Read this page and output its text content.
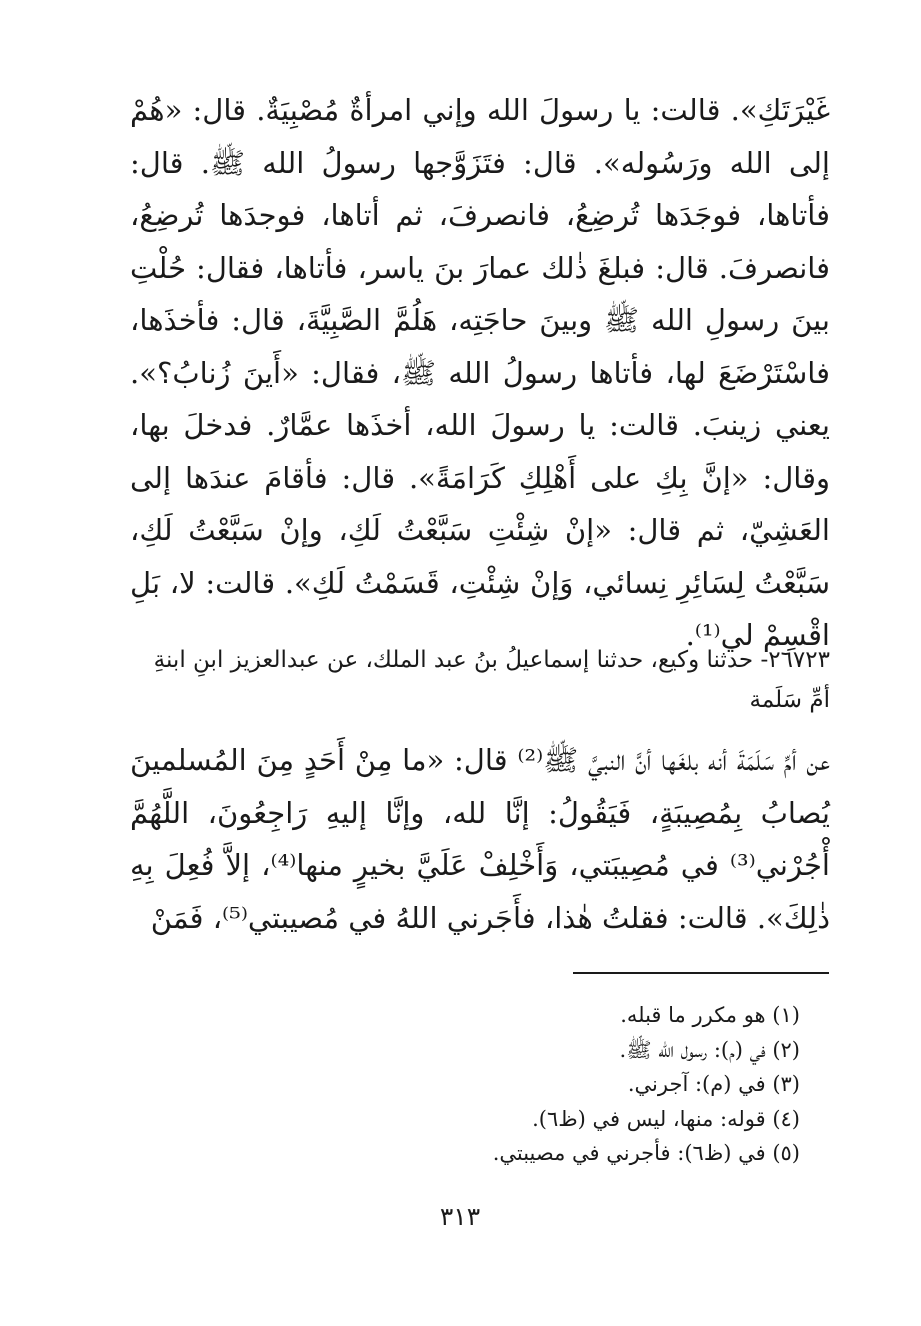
غَيْرَتَكِ». قالت: يا رسولَ الله وإني امرأةٌ مُصْبِيَةٌ. قال: «هُمْ إلى الله ورَسُوله». قال: فتَزَوَّجها رسولُ الله ﷺ. قال: فأتاها، فوجَدَها تُرضِعُ، فانصرفَ، ثم أتاها، فوجدَها تُرضِعُ، فانصرفَ. قال: فبلغَ ذٰلك عمارَ بنَ ياسر، فأتاها، فقال: حُلْتِ بينَ رسولِ الله ﷺ وبينَ حاجَتِه، هَلُمَّ الصَّبِيَّةَ، قال: فأخذَها، فاسْتَرْضَعَ لها، فأتاها رسولُ الله ﷺ، فقال: «أَينَ زُنابُ؟». يعني زينبَ. قالت: يا رسولَ الله، أخذَها عمَّارٌ. فدخلَ بها، وقال: «إنَّ بِكِ على أَهْلِكِ كَرَامَةً». قال: فأقامَ عندَها إلى العَشِيّ، ثم قال: «إنْ شِئْتِ سَبَّعْتُ لَكِ، وإنْ سَبَّعْتُ لَكِ، سَبَّعْتُ لِسَائِرِ نِسائي، وَإنْ شِئْتِ، قَسَمْتُ لَكِ». قالت: لا، بَلِ اقْسِمْ لي⁽¹⁾.
٢٦٧٢٣- حدثنا وكيع، حدثنا إسماعيلُ بنُ عبد الملك، عن عبدالعزيز ابنِ ابنةِ أمِّ سَلَمة
عن أمِّ سَلَمَةَ أنه بلغَها أنَّ النبيَّ ﷺ⁽²⁾ قال: «ما مِنْ أَحَدٍ مِنَ المُسلمينَ يُصابُ بِمُصِيبَةٍ، فَيَقُولُ: إنَّا لله، وإنَّا إليهِ رَاجِعُونَ، اللَّهُمَّ أْجُرْني⁽³⁾ في مُصِيبَتي، وَأَخْلِفْ عَلَيَّ بخيرٍ منها⁽⁴⁾، إلاَّ فُعِلَ بِهِ ذٰلِكَ». قالت: فقلتُ هٰذا، فأَجَرني اللهُ في مُصيبتي⁽⁵⁾، فَمَنْ
(١) هو مكرر ما قبله.
(٢) في (م): رسول الله ﷺ.
(٣) في (م): آجرني.
(٤) قوله: منها، ليس في (ظ٦).
(٥) في (ظ٦): فأجرني في مصيبتي.
٣١٣
